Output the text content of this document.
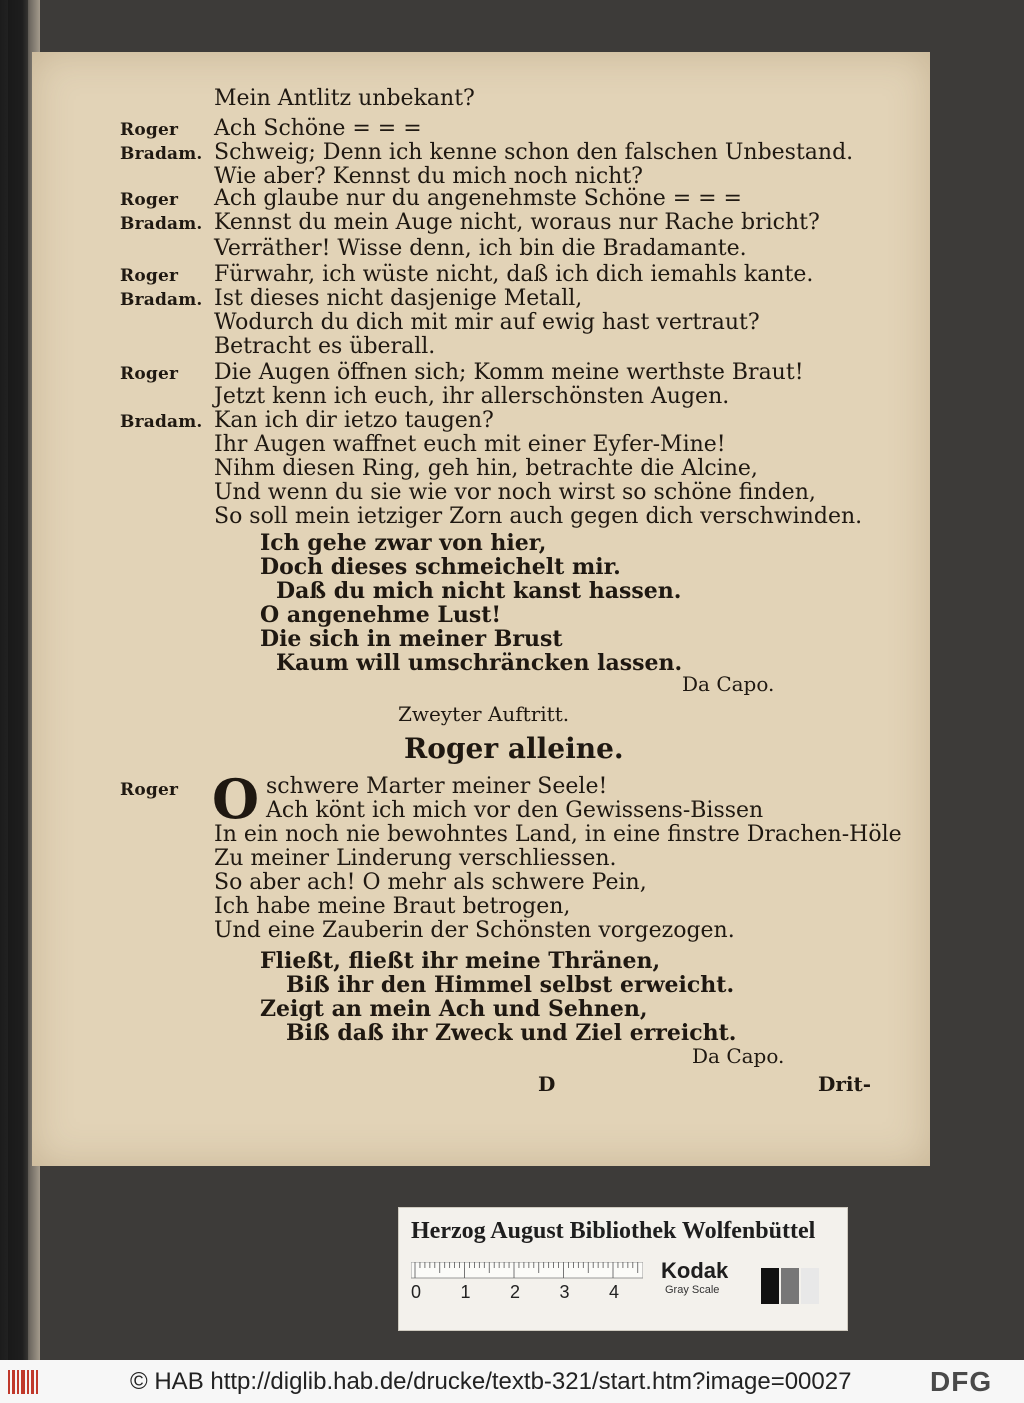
Mein Antlitz unbekant?
Roger Ach Schöne = = =
Bradam. Schweig; Denn ich kenne schon den falschen Unbestand.
Wie aber? Kennst du mich noch nicht?
Roger Ach glaube nur du angenehmste Schöne = = =
Bradam. Kennst du mein Auge nicht, woraus nur Rache bricht?
Verräther! Wisse denn, ich bin die Bradamante.
Roger Fürwahr, ich wüste nicht, daß ich dich iemahls kante.
Bradam. Ist dieses nicht dasjenige Metall,
Wodurch du dich mit mir auf ewig hast vertraut?
Betracht es überall.
Roger Die Augen öffnen sich; Komm meine werthste Braut!
Jetzt kenn ich euch, ihr allerschönsten Augen.
Bradam. Kan ich dir ietzo taugen?
Ihr Augen waffnet euch mit einer Eyfer-Mine!
Nihm diesen Ring, geh hin, betrachte die Alcine,
Und wenn du sie wie vor noch wirst so schöne finden,
So soll mein ietziger Zorn auch gegen dich verschwinden.
Ich gehe zwar von hier,
Doch dieses schmeichelt mir.
Daß du mich nicht kanst hassen.
O angenehme Lust!
Die sich in meiner Brust
Kaum will umschräncken lassen.
Da Capo.
Zweyter Auftritt.
Roger alleine.
Roger O schwere Marter meiner Seele!
Ach könt ich mich vor den Gewissens-Bissen
In ein noch nie bewohntes Land, in eine finstre Drachen-Höle
Zu meiner Linderung verschliessen.
So aber ach! O mehr als schwere Pein,
Ich habe meine Braut betrogen,
Und eine Zauberin der Schönsten vorgezogen.
Fließt, fließt ihr meine Thränen,
Biß ihr den Himmel selbst erweicht.
Zeigt an mein Ach und Sehnen,
Biß daß ihr Zweck und Ziel erreicht.
Da Capo.
D	Drit-
Herzog August Bibliothek Wolfenbüttel
0 1 2 3 4
Kodak
Gray Scale
© HAB http://diglib.hab.de/drucke/textb-321/start.htm?image=00027	DFG
